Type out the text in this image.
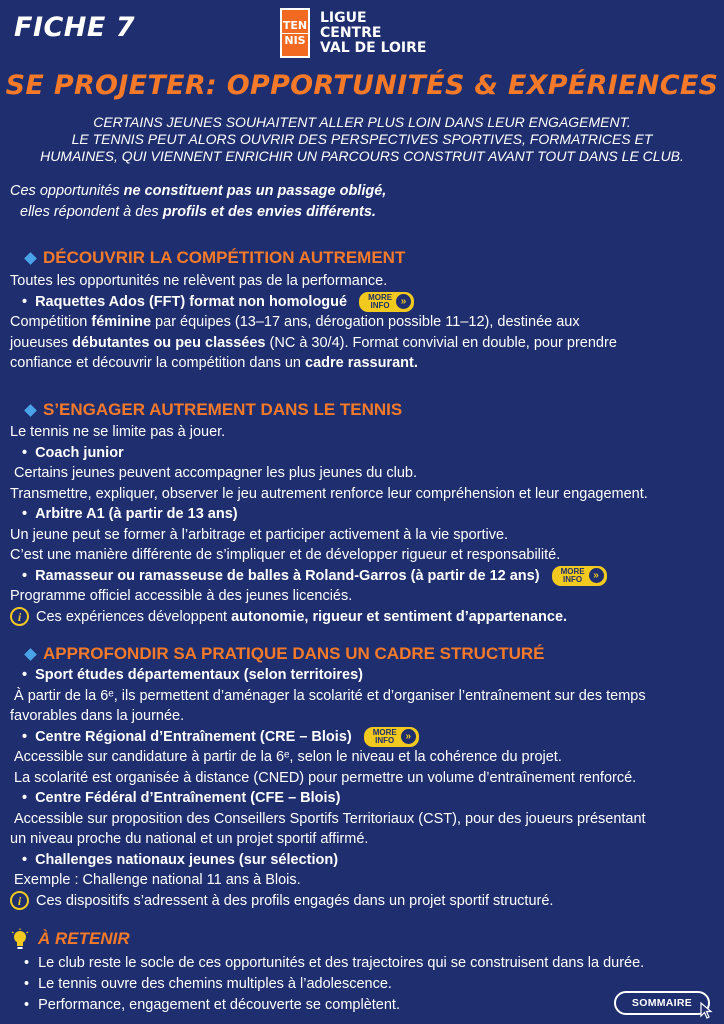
FICHE 7	TEN
NIS
LIGUE
CENTRE
VAL DE LOIRE
SE PROJETER: OPPORTUNITÉS & EXPÉRIENCES
CERTAINS JEUNES SOUHAITENT ALLER PLUS LOIN DANS LEUR ENGAGEMENT.
LE TENNIS PEUT ALORS OUVRIR DES PERSPECTIVES SPORTIVES, FORMATRICES ET
HUMAINES, QUI VIENNENT ENRICHIR UN PARCOURS CONSTRUIT AVANT TOUT DANS LE CLUB.
Ces opportunités ne constituent pas un passage obligé,
elles répondent à des profils et des envies différents.
DÉCOUVRIR LA COMPÉTITION AUTREMENT
Toutes les opportunités ne relèvent pas de la performance.
• Raquettes Ados (FFT) format non homologué	MORE
INFO	»
Compétition féminine par équipes (13–17 ans, dérogation possible 11–12), destinée aux
joueuses débutantes ou peu classées (NC à 30/4). Format convivial en double, pour prendre
confiance et découvrir la compétition dans un cadre rassurant.
S’ENGAGER AUTREMENT DANS LE TENNIS
Le tennis ne se limite pas à jouer.
• Coach junior
Certains jeunes peuvent accompagner les plus jeunes du club.
Transmettre, expliquer, observer le jeu autrement renforce leur compréhension et leur engagement.
• Arbitre A1 (à partir de 13 ans)
Un jeune peut se former à l’arbitrage et participer activement à la vie sportive.
C’est une manière différente de s’impliquer et de développer rigueur et responsabilité.
• Ramasseur ou ramasseuse de balles à Roland-Garros (à partir de 12 ans)	MORE
INFO	»
Programme officiel accessible à des jeunes licenciés.
i	Ces expériences développent
autonomie, rigueur et sentiment d’appartenance.
APPROFONDIR SA PRATIQUE DANS UN CADRE STRUCTURÉ
• Sport études départementaux (selon territoires)
À partir de la 6ᵉ, ils permettent d’aménager la scolarité et d’organiser l’entraînement sur des temps
favorables dans la journée.
• Centre Régional d’Entraînement (CRE – Blois)	MORE
INFO	»
Accessible sur candidature à partir de la 6ᵉ, selon le niveau et la cohérence du projet.
La scolarité est organisée à distance (CNED) pour permettre un volume d’entraînement renforcé.
• Centre Fédéral d’Entraînement (CFE – Blois)
Accessible sur proposition des Conseillers Sportifs Territoriaux (CST), pour des joueurs présentant
un niveau proche du national et un projet sportif affirmé.
• Challenges nationaux jeunes (sur sélection)
Exemple : Challenge national 11 ans à Blois.
i	Ces dispositifs s’adressent à des profils engagés dans un projet sportif structuré.
À RETENIR
• Le club reste le socle de ces opportunités et des trajectoires qui se construisent dans la durée.
• Le tennis ouvre des chemins multiples à l’adolescence.
• Performance, engagement et découverte se complètent.	SOMMAIRE
